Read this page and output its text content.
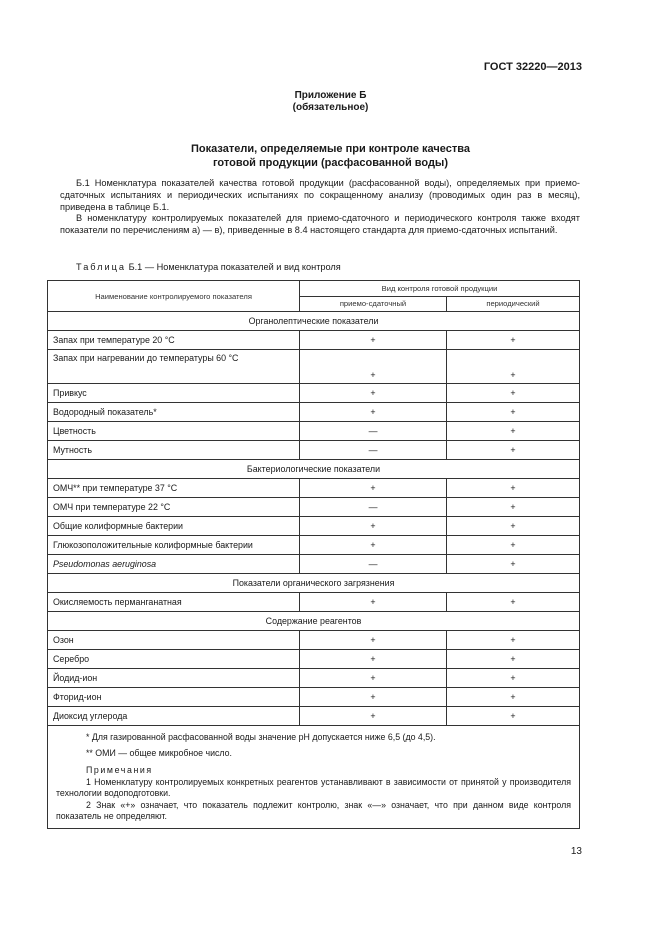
ГОСТ 32220—2013
Приложение Б
(обязательное)
Показатели, определяемые при контроле качества
готовой продукции (расфасованной воды)

Б.1 Номенклатура показателей качества готовой продукции (расфасованной воды), определяемых при приемо-сдаточных испытаниях и периодических испытаниях по сокращенному анализу (проводимых один раз в месяц), приведена в таблице Б.1.

В номенклатуру контролируемых показателей для приемо-сдаточного и периодического контроля также входят показатели по перечислениям а) — в), приведенные в 8.4 настоящего стандарта для приемо-сдаточных испытаний.

Таблица Б.1 — Номенклатура показателей и вид контроля
Наименование контролируемого показателя	Вид контроля готовой продукции	
	приемо-сдаточный	периодический
Органолептические показатели		
Запах при температуре 20 °C	+	+
Запах при нагревании до температуры 60 °C	+	+
Привкус	+	+
Водородный показатель*	+	+
Цветность	—	+
Мутность	—	+
Бактериологические показатели		
ОМЧ** при температуре 37 °C	+	+
ОМЧ при температуре 22 °C	—	+
Общие колиформные бактерии	+	+
Глюкозоположительные колиформные бактерии	+	+
Pseudomonas aeruginosa	—	+
Показатели органического загрязнения		
Окисляемость перманганатная	+	+
Содержание реагентов		
Озон	+	+
Серебро	+	+
Йодид-ион	+	+
Фторид-ион	+	+
Диоксид углерода	+	+

* Для газированной расфасованной воды значение pH допускается ниже 6,5 (до 4,5).
** ОМИ — общее микробное число.
Примечания

1 Номенклатуру контролируемых конкретных реагентов устанавливают в зависимости от принятой у производителя технологии водоподготовки.

2 Знак «+» означает, что показатель подлежит контролю, знак «—» означает, что при данном виде контроля показатель не определяют.		

13
